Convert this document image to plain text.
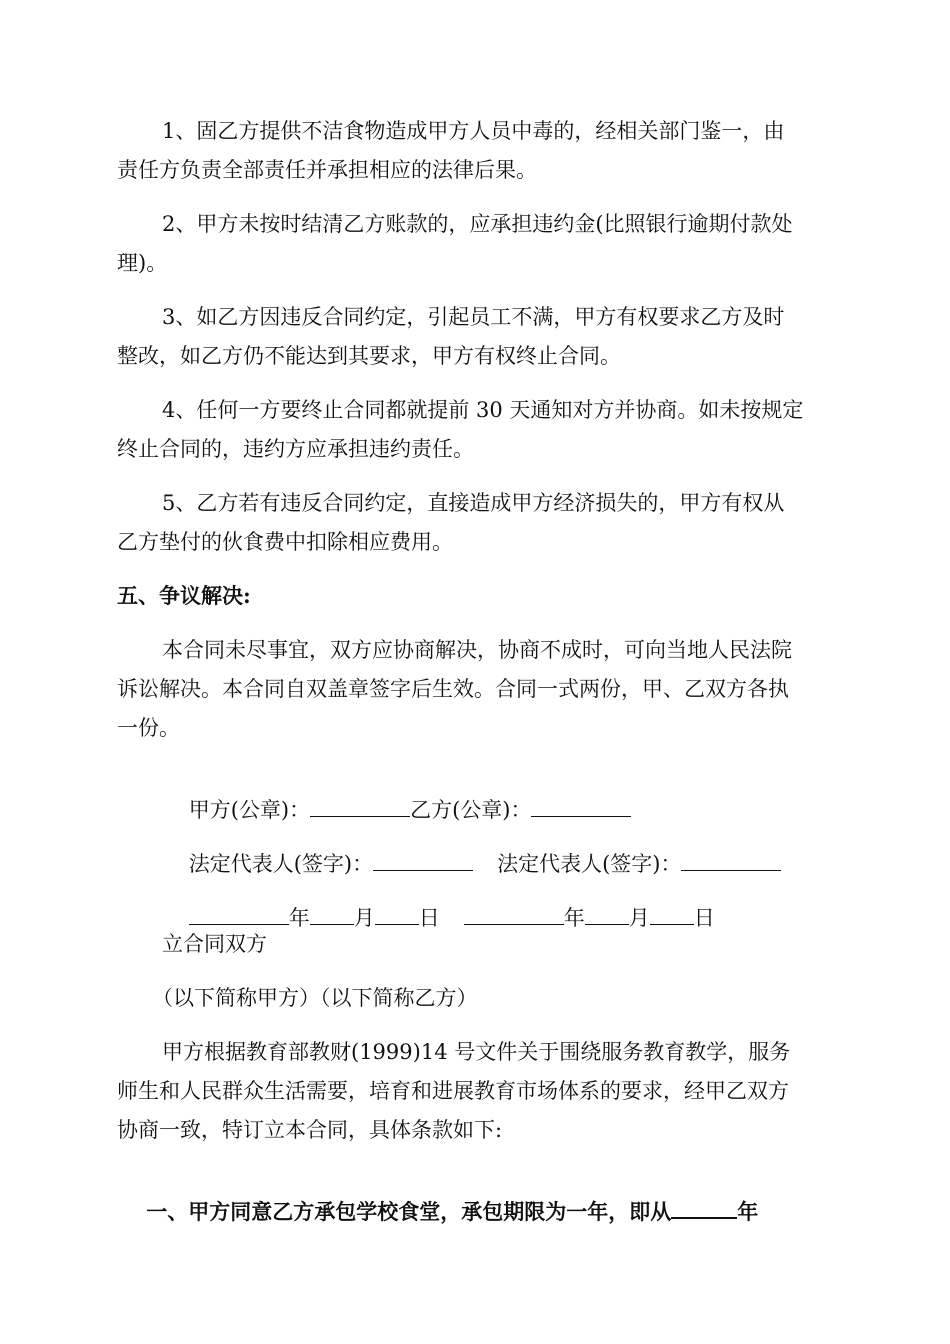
1、固乙方提供不洁食物造成甲方人员中毒的，经相关部门鉴一，由
责任方负责全部责任并承担相应的法律后果。
2、甲方未按时结清乙方账款的，应承担违约金(比照银行逾期付款处
理)。
3、如乙方因违反合同约定，引起员工不满，甲方有权要求乙方及时
整改，如乙方仍不能达到其要求，甲方有权终止合同。
4、任何一方要终止合同都就提前 30 天通知对方并协商。如未按规定
终止合同的，违约方应承担违约责任。
5、乙方若有违反合同约定，直接造成甲方经济损失的，甲方有权从
乙方垫付的伙食费中扣除相应费用。
五、争议解决:
本合同未尽事宜，双方应协商解决，协商不成时，可向当地人民法院
诉讼解决。本合同自双盖章签字后生效。合同一式两份，甲、乙双方各执
一份。

甲方(公章)：	乙方(公章)：

法定代表人(签字)：	法定代表人(签字)：

年 月 日	年 月 日

立合同双方
（以下简称甲方）（以下简称乙方）
甲方根据教育部教财(1999)14 号文件关于围绕服务教育教学，服务
师生和人民群众生活需要，培育和进展教育市场体系的要求，经甲乙双方
协商一致，特订立本合同，具体条款如下:

一、甲方同意乙方承包学校食堂，承包期限为一年，即从	年
